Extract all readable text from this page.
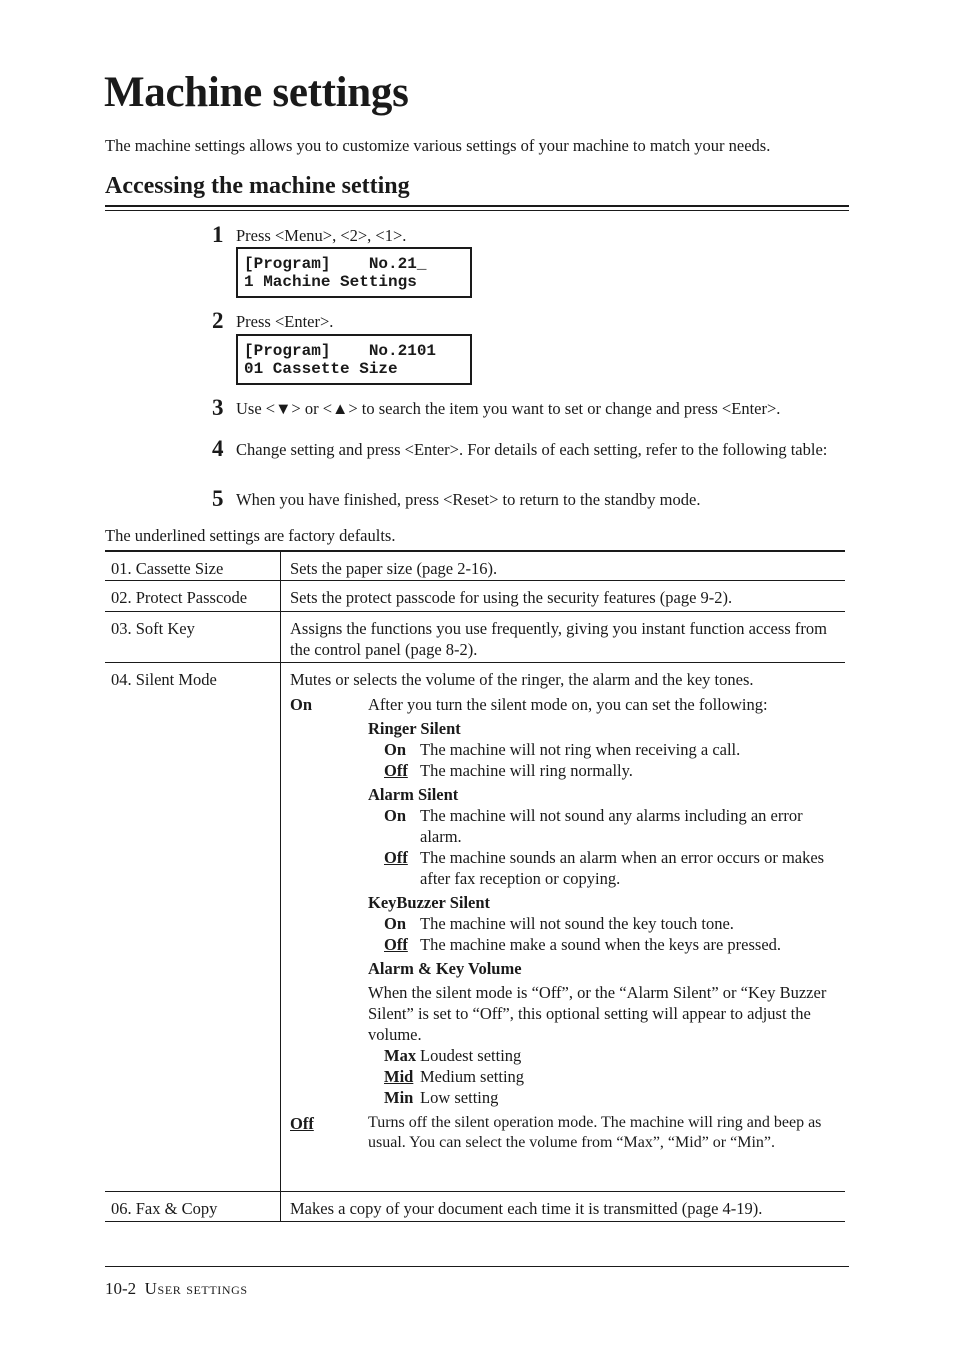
Machine settings
The machine settings allows you to customize various settings of your machine to match your needs.
Accessing the machine setting
1 Press <Menu>, <2>, <1>.
[Program]    No.21_
1 Machine Settings
2 Press <Enter>.
[Program]    No.2101
01 Cassette Size
3 Use <▼> or <▲> to search the item you want to set or change and press <Enter>.
4 Change setting and press <Enter>. For details of each setting, refer to the following table:
5 When you have finished, press <Reset> to return to the standby mode.
The underlined settings are factory defaults.
01. Cassette Size	Sets the paper size (page 2-16).
02. Protect Passcode	Sets the protect passcode for using the security features (page 9-2).
03. Soft Key	Assigns the functions you use frequently, giving you instant function access from the control panel (page 8-2).
04. Silent Mode	Mutes or selects the volume of the ringer, the alarm and the key tones.
On	After you turn the silent mode on, you can set the following:
Ringer Silent
On The machine will not ring when receiving a call.
Off The machine will ring normally.
Alarm Silent
On The machine will not sound any alarms including an error alarm.
Off The machine sounds an alarm when an error occurs or makes after fax reception or copying.
KeyBuzzer Silent
On The machine will not sound the key touch tone.
Off The machine make a sound when the keys are pressed.
Alarm & Key Volume
When the silent mode is “Off”, or the “Alarm Silent” or “Key Buzzer Silent” is set to “Off”, this optional setting will appear to adjust the volume.
Max Loudest setting
Mid Medium setting
Min Low setting
Off	Turns off the silent operation mode. The machine will ring and beep as usual. You can select the volume from “Max”, “Mid” or “Min”.
06. Fax & Copy	Makes a copy of your document each time it is transmitted (page 4-19).
10-2 User settings
